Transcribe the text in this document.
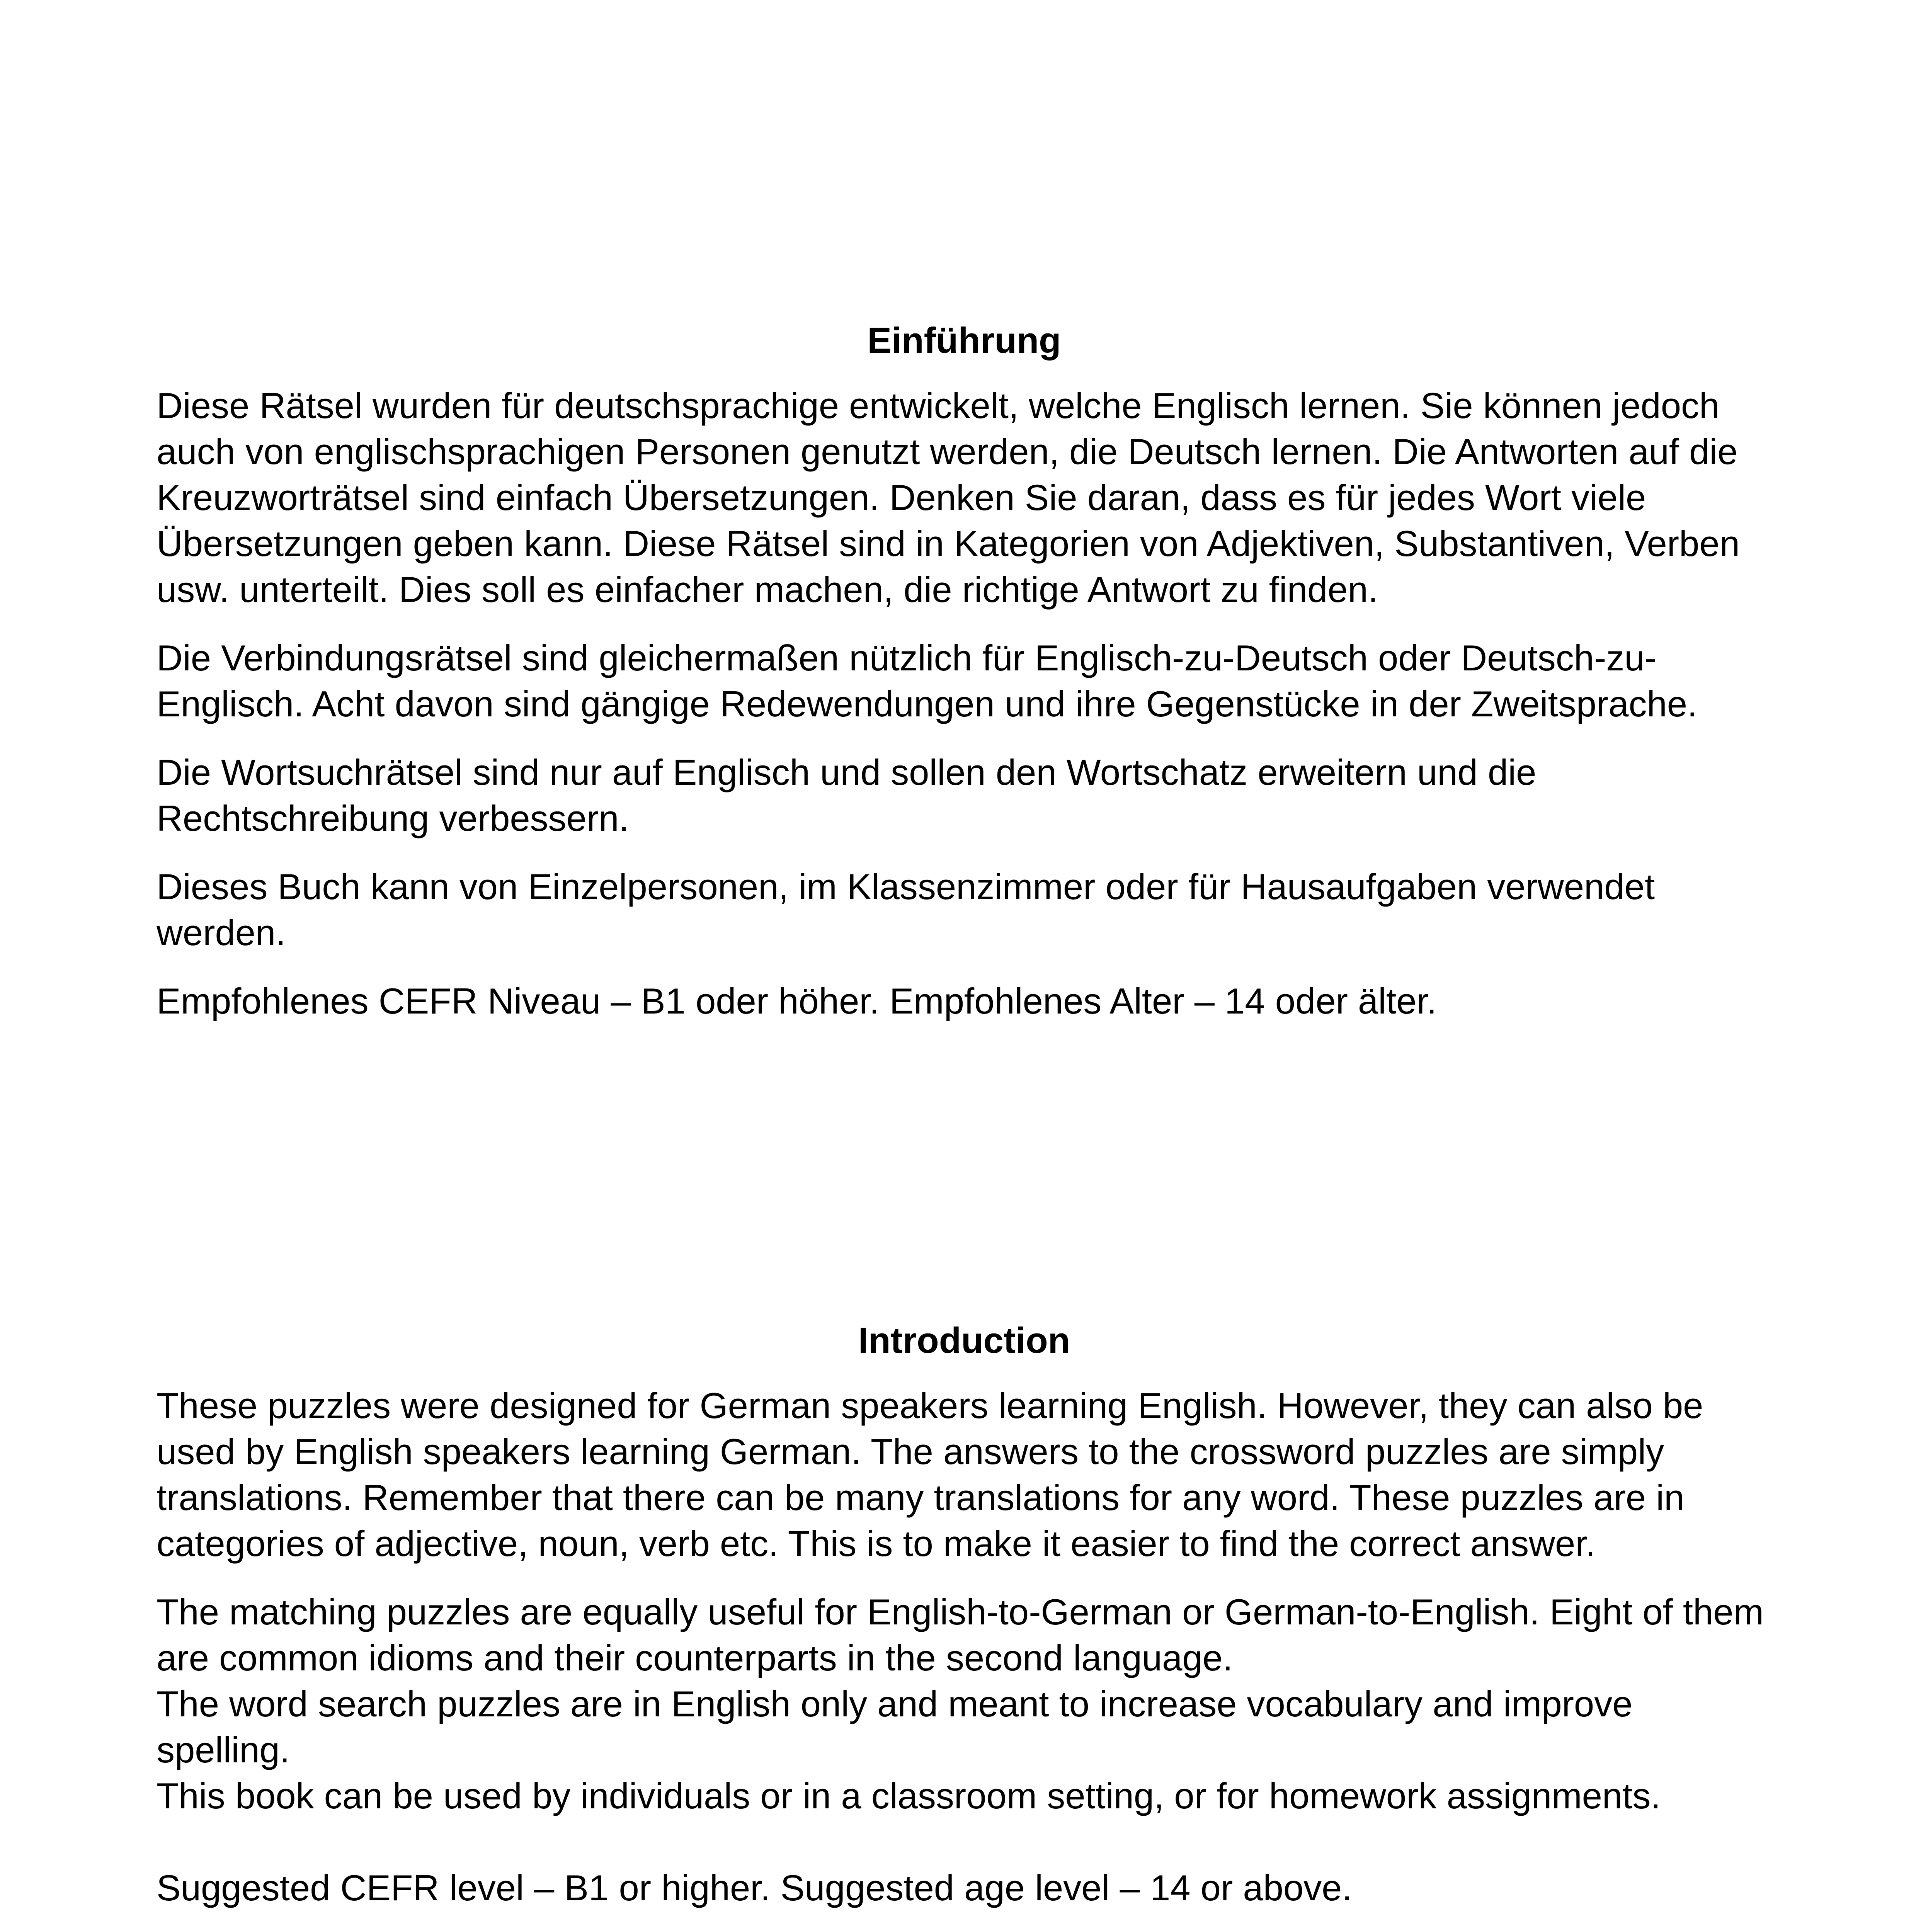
Einführung

Diese Rätsel wurden für deutschsprachige entwickelt, welche Englisch lernen. Sie können jedoch auch von englischsprachigen Personen genutzt werden, die Deutsch lernen. Die Antworten auf die Kreuzworträtsel sind einfach Übersetzungen. Denken Sie daran, dass es für jedes Wort viele Übersetzungen geben kann. Diese Rätsel sind in Kategorien von Adjektiven, Substantiven, Verben usw. unterteilt. Dies soll es einfacher machen, die richtige Antwort zu finden.

Die Verbindungsrätsel sind gleichermaßen nützlich für Englisch-zu-Deutsch oder Deutsch-zu-Englisch. Acht davon sind gängige Redewendungen und ihre Gegenstücke in der Zweitsprache.

Die Wortsuchrätsel sind nur auf Englisch und sollen den Wortschatz erweitern und die Rechtschreibung verbessern.

Dieses Buch kann von Einzelpersonen, im Klassenzimmer oder für Hausaufgaben verwendet werden.

Empfohlenes CEFR Niveau – B1 oder höher. Empfohlenes Alter – 14 oder älter.

Introduction

These puzzles were designed for German speakers learning English. However, they can also be used by English speakers learning German. The answers to the crossword puzzles are simply translations. Remember that there can be many translations for any word. These puzzles are in categories of adjective, noun, verb etc. This is to make it easier to find the correct answer.

The matching puzzles are equally useful for English-to-German or German-to-English. Eight of them are common idioms and their counterparts in the second language.

The word search puzzles are in English only and meant to increase vocabulary and improve spelling.

This book can be used by individuals or in a classroom setting, or for homework assignments.

Suggested CEFR level – B1 or higher. Suggested age level – 14 or above.
